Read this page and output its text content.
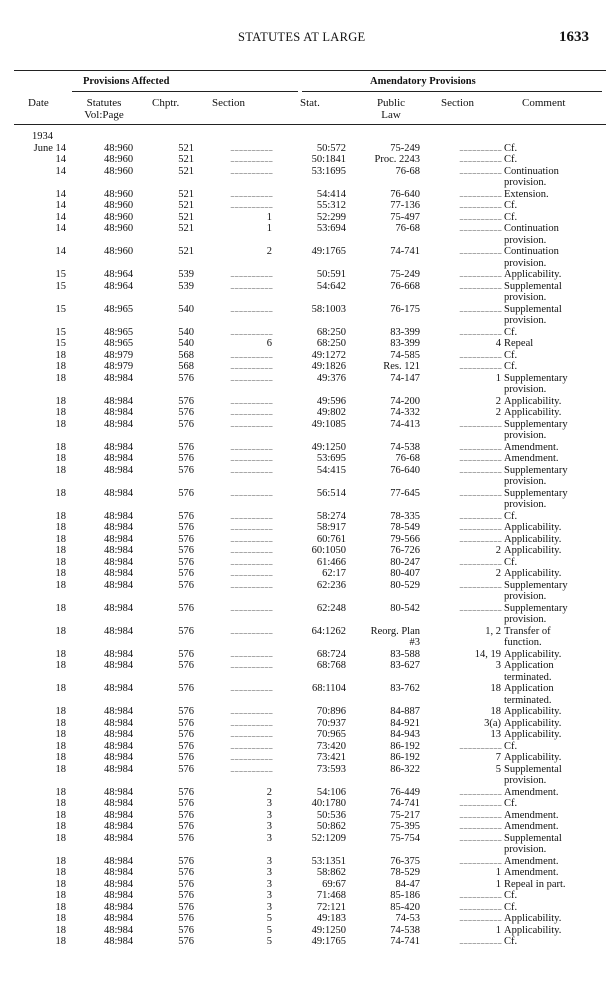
STATUTES AT LARGE	1633
Provisions Affected	Amendatory Provisions
Date	Statutes
Vol:Page
Chptr.	Section	Stat.	Public
Law
Section	Comment
1934
June 14	48:960	521	_ _ _ _ _ _ _ _ _ _	50:572	75-249	_ _ _ _ _ _ _ _ _ _ Cf.
14	48:960	521	_ _ _ _ _ _ _ _ _ _	50:1841	Proc. 2243	_ _ _ _ _ _ _ _ _ _ Cf.
14	48:960	521	_ _ _ _ _ _ _ _ _ _	53:1695	76-68	_ _ _ _ _ _ _ _ _ _ Continuation
provision.
14	48:960	521	_ _ _ _ _ _ _ _ _ _	54:414	76-640	_ _ _ _ _ _ _ _ _ _ Extension.
14	48:960	521	_ _ _ _ _ _ _ _ _ _	55:312	77-136	_ _ _ _ _ _ _ _ _ _ Cf.
14	48:960	521	1	52:299	75-497	_ _ _ _ _ _ _ _ _ _ Cf.
14	48:960	521	1	53:694	76-68	_ _ _ _ _ _ _ _ _ _ Continuation
provision.
14	48:960	521	2	49:1765	74-741	_ _ _ _ _ _ _ _ _ _ Continuation
provision.
15	48:964	539	_ _ _ _ _ _ _ _ _ _	50:591	75-249	_ _ _ _ _ _ _ _ _ _ Applicability.
15	48:964	539	_ _ _ _ _ _ _ _ _ _	54:642	76-668	_ _ _ _ _ _ _ _ _ _ Supplemental
provision.
15	48:965	540	_ _ _ _ _ _ _ _ _ _	58:1003	76-175	_ _ _ _ _ _ _ _ _ _ Supplemental
provision.
15	48:965	540	_ _ _ _ _ _ _ _ _ _	68:250	83-399	_ _ _ _ _ _ _ _ _ _ Cf.
15	48:965	540	6	68:250	83-399	4 Repeal
18	48:979	568	_ _ _ _ _ _ _ _ _ _	49:1272	74-585	_ _ _ _ _ _ _ _ _ _ Cf.
18	48:979	568	_ _ _ _ _ _ _ _ _ _	49:1826	Res. 121	_ _ _ _ _ _ _ _ _ _ Cf.
18	48:984	576	_ _ _ _ _ _ _ _ _ _	49:376	74-147	1 Supplementary
provision.
18	48:984	576	_ _ _ _ _ _ _ _ _ _	49:596	74-200	2 Applicability.
18	48:984	576	_ _ _ _ _ _ _ _ _ _	49:802	74-332	2 Applicability.
18	48:984	576	_ _ _ _ _ _ _ _ _ _	49:1085	74-413	_ _ _ _ _ _ _ _ _ _ Supplementary
provision.
18	48:984	576	_ _ _ _ _ _ _ _ _ _	49:1250	74-538	_ _ _ _ _ _ _ _ _ _ Amendment.
18	48:984	576	_ _ _ _ _ _ _ _ _ _	53:695	76-68	_ _ _ _ _ _ _ _ _ _ Amendment.
18	48:984	576	_ _ _ _ _ _ _ _ _ _	54:415	76-640	_ _ _ _ _ _ _ _ _ _ Supplementary
provision.
18	48:984	576	_ _ _ _ _ _ _ _ _ _	56:514	77-645	_ _ _ _ _ _ _ _ _ _ Supplementary
provision.
18	48:984	576	_ _ _ _ _ _ _ _ _ _	58:274	78-335	_ _ _ _ _ _ _ _ _ _ Cf.
18	48:984	576	_ _ _ _ _ _ _ _ _ _	58:917	78-549	_ _ _ _ _ _ _ _ _ _ Applicability.
18	48:984	576	_ _ _ _ _ _ _ _ _ _	60:761	79-566	_ _ _ _ _ _ _ _ _ _ Applicability.
18	48:984	576	_ _ _ _ _ _ _ _ _ _	60:1050	76-726	2 Applicability.
18	48:984	576	_ _ _ _ _ _ _ _ _ _	61:466	80-247	_ _ _ _ _ _ _ _ _ _ Cf.
18	48:984	576	_ _ _ _ _ _ _ _ _ _	62:17	80-407	2 Applicability.
18	48:984	576	_ _ _ _ _ _ _ _ _ _	62:236	80-529	_ _ _ _ _ _ _ _ _ _ Supplementary
provision.
18	48:984	576	_ _ _ _ _ _ _ _ _ _	62:248	80-542	_ _ _ _ _ _ _ _ _ _ Supplementary
provision.
18	48:984	576	_ _ _ _ _ _ _ _ _ _	64:1262	Reorg. Plan	1, 2 Transfer of
#3	function.
18	48:984	576	_ _ _ _ _ _ _ _ _ _	68:724	83-588	14, 19 Applicability.
18	48:984	576	_ _ _ _ _ _ _ _ _ _	68:768	83-627	3 Application
terminated.
18	48:984	576	_ _ _ _ _ _ _ _ _ _	68:1104	83-762	18 Application
terminated.
18	48:984	576	_ _ _ _ _ _ _ _ _ _	70:896	84-887	18 Applicability.
18	48:984	576	_ _ _ _ _ _ _ _ _ _	70:937	84-921	3(a) Applicability.
18	48:984	576	_ _ _ _ _ _ _ _ _ _	70:965	84-943	13 Applicability.
18	48:984	576	_ _ _ _ _ _ _ _ _ _	73:420	86-192	_ _ _ _ _ _ _ _ _ _ Cf.
18	48:984	576	_ _ _ _ _ _ _ _ _ _	73:421	86-192	7 Applicability.
18	48:984	576	_ _ _ _ _ _ _ _ _ _	73:593	86-322	5 Supplemental
provision.
18	48:984	576	2	54:106	76-449	_ _ _ _ _ _ _ _ _ _ Amendment.
18	48:984	576	3	40:1780	74-741	_ _ _ _ _ _ _ _ _ _ Cf.
18	48:984	576	3	50:536	75-217	_ _ _ _ _ _ _ _ _ _ Amendment.
18	48:984	576	3	50:862	75-395	_ _ _ _ _ _ _ _ _ _ Amendment.
18	48:984	576	3	52:1209	75-754	_ _ _ _ _ _ _ _ _ _ Supplemental
provision.
18	48:984	576	3	53:1351	76-375	_ _ _ _ _ _ _ _ _ _ Amendment.
18	48:984	576	3	58:862	78-529	1 Amendment.
18	48:984	576	3	69:67	84-47	1 Repeal in part.
18	48:984	576	3	71:468	85-186	_ _ _ _ _ _ _ _ _ _ Cf.
18	48:984	576	3	72:121	85-420	_ _ _ _ _ _ _ _ _ _ Cf.
18	48:984	576	5	49:183	74-53	_ _ _ _ _ _ _ _ _ _ Applicability.
18	48:984	576	5	49:1250	74-538	1 Applicability.
18	48:984	576	5	49:1765	74-741	_ _ _ _ _ _ _ _ _ _ Cf.
